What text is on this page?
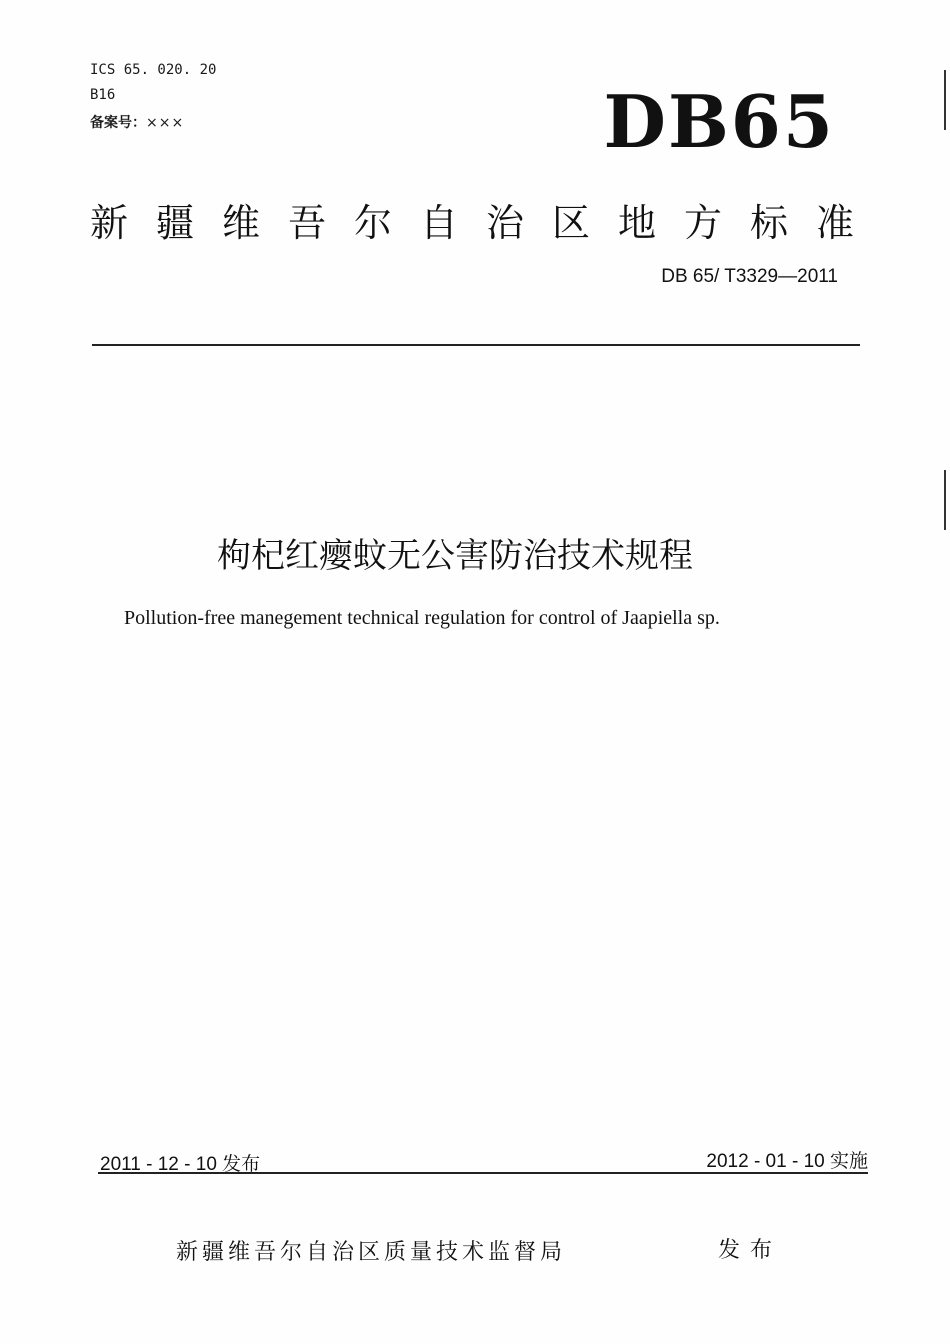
ICS 65. 020. 20
B16
备案号：×××	DB65
新疆维吾尔自治区地方标准
DB 65/ T3329—2011
枸杞红瘿蚊无公害防治技术规程
Pollution-free manegement technical regulation for control of Jaapiella sp.
2011 - 12 - 10 发布	2012 - 01 - 10 实施
新疆维吾尔自治区质量技术监督局	发布
